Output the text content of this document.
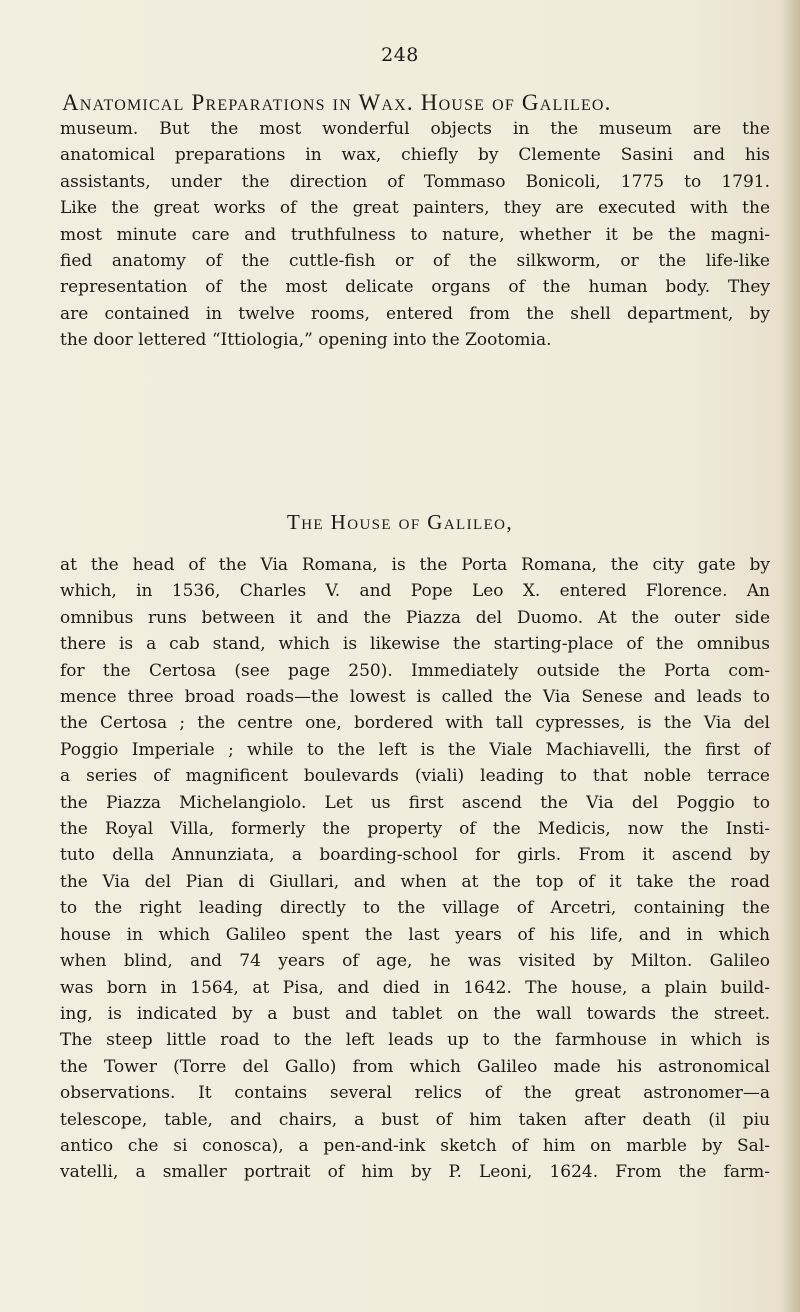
248
Anatomical Preparations in Wax. House of Galileo.
museum. But the most wonderful objects in the museum are the
anatomical preparations in wax, chiefly by Clemente Sasini and his
assistants, under the direction of Tommaso Bonicoli, 1775 to 1791.
Like the great works of the great painters, they are executed with the
most minute care and truthfulness to nature, whether it be the magni-
fied anatomy of the cuttle-fish or of the silkworm, or the life-like
representation of the most delicate organs of the human body. They
are contained in twelve rooms, entered from the shell department, by
the door lettered “Ittiologia,” opening into the Zootomia.
The House of Galileo,
at the head of the Via Romana, is the Porta Romana, the city gate by
which, in 1536, Charles V. and Pope Leo X. entered Florence. An
omnibus runs between it and the Piazza del Duomo. At the outer side
there is a cab stand, which is likewise the starting-place of the omnibus
for the Certosa (see page 250). Immediately outside the Porta com-
mence three broad roads—the lowest is called the Via Senese and leads to
the Certosa ; the centre one, bordered with tall cypresses, is the Via del
Poggio Imperiale ; while to the left is the Viale Machiavelli, the first of
a series of magnificent boulevards (viali) leading to that noble terrace
the Piazza Michelangiolo. Let us first ascend the Via del Poggio to
the Royal Villa, formerly the property of the Medicis, now the Insti-
tuto della Annunziata, a boarding-school for girls. From it ascend by
the Via del Pian di Giullari, and when at the top of it take the road
to the right leading directly to the village of Arcetri, containing the
house in which Galileo spent the last years of his life, and in which
when blind, and 74 years of age, he was visited by Milton. Galileo
was born in 1564, at Pisa, and died in 1642. The house, a plain build-
ing, is indicated by a bust and tablet on the wall towards the street.
The steep little road to the left leads up to the farmhouse in which is
the Tower (Torre del Gallo) from which Galileo made his astronomical
observations. It contains several relics of the great astronomer—a
telescope, table, and chairs, a bust of him taken after death (il piu
antico che si conosca), a pen-and-ink sketch of him on marble by Sal-
vatelli, a smaller portrait of him by P. Leoni, 1624. From the farm-
